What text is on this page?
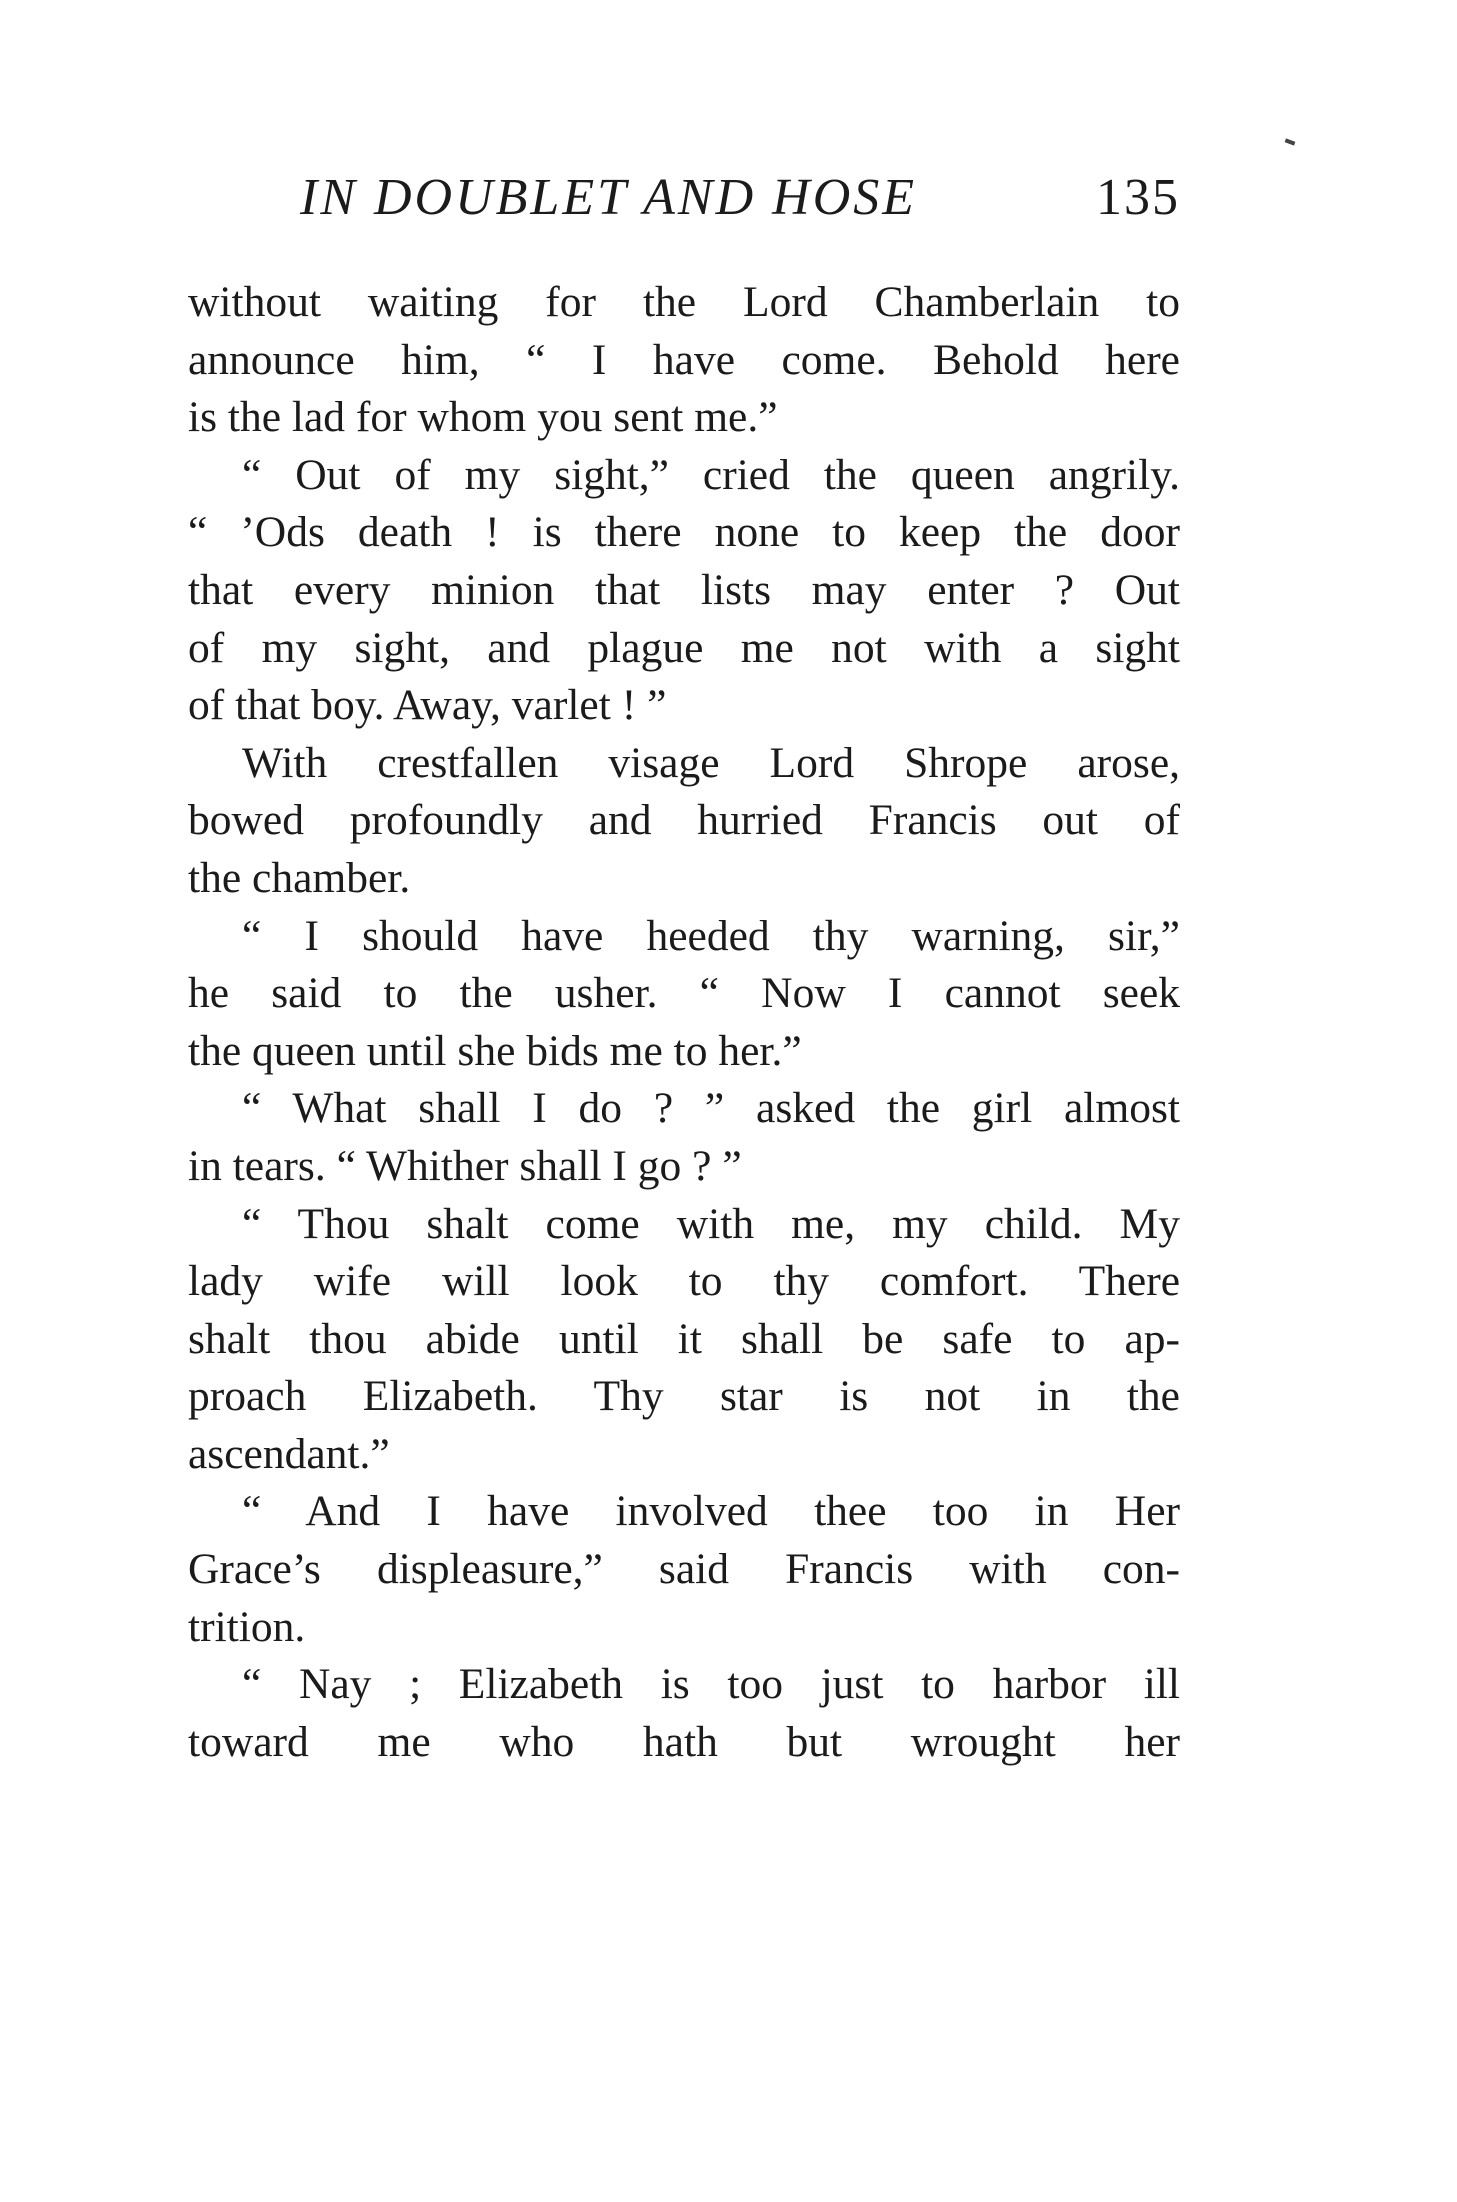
IN DOUBLET AND HOSE	135
without waiting for the Lord Chamberlain to
announce him, “ I have come. Behold here
is the lad for whom you sent me.”
“ Out of my sight,” cried the queen angrily.
“ ’Ods death ! is there none to keep the door
that every minion that lists may enter ? Out
of my sight, and plague me not with a sight
of that boy. Away, varlet ! ”
With crestfallen visage Lord Shrope arose,
bowed profoundly and hurried Francis out of
the chamber.
“ I should have heeded thy warning, sir,”
he said to the usher. “ Now I cannot seek
the queen until she bids me to her.”
“ What shall I do ? ” asked the girl almost
in tears. “ Whither shall I go ? ”
“ Thou shalt come with me, my child. My
lady wife will look to thy comfort. There
shalt thou abide until it shall be safe to ap-
proach Elizabeth. Thy star is not in the
ascendant.”
“ And I have involved thee too in Her
Grace’s displeasure,” said Francis with con-
trition.
“ Nay ; Elizabeth is too just to harbor ill
toward me who hath but wrought her
